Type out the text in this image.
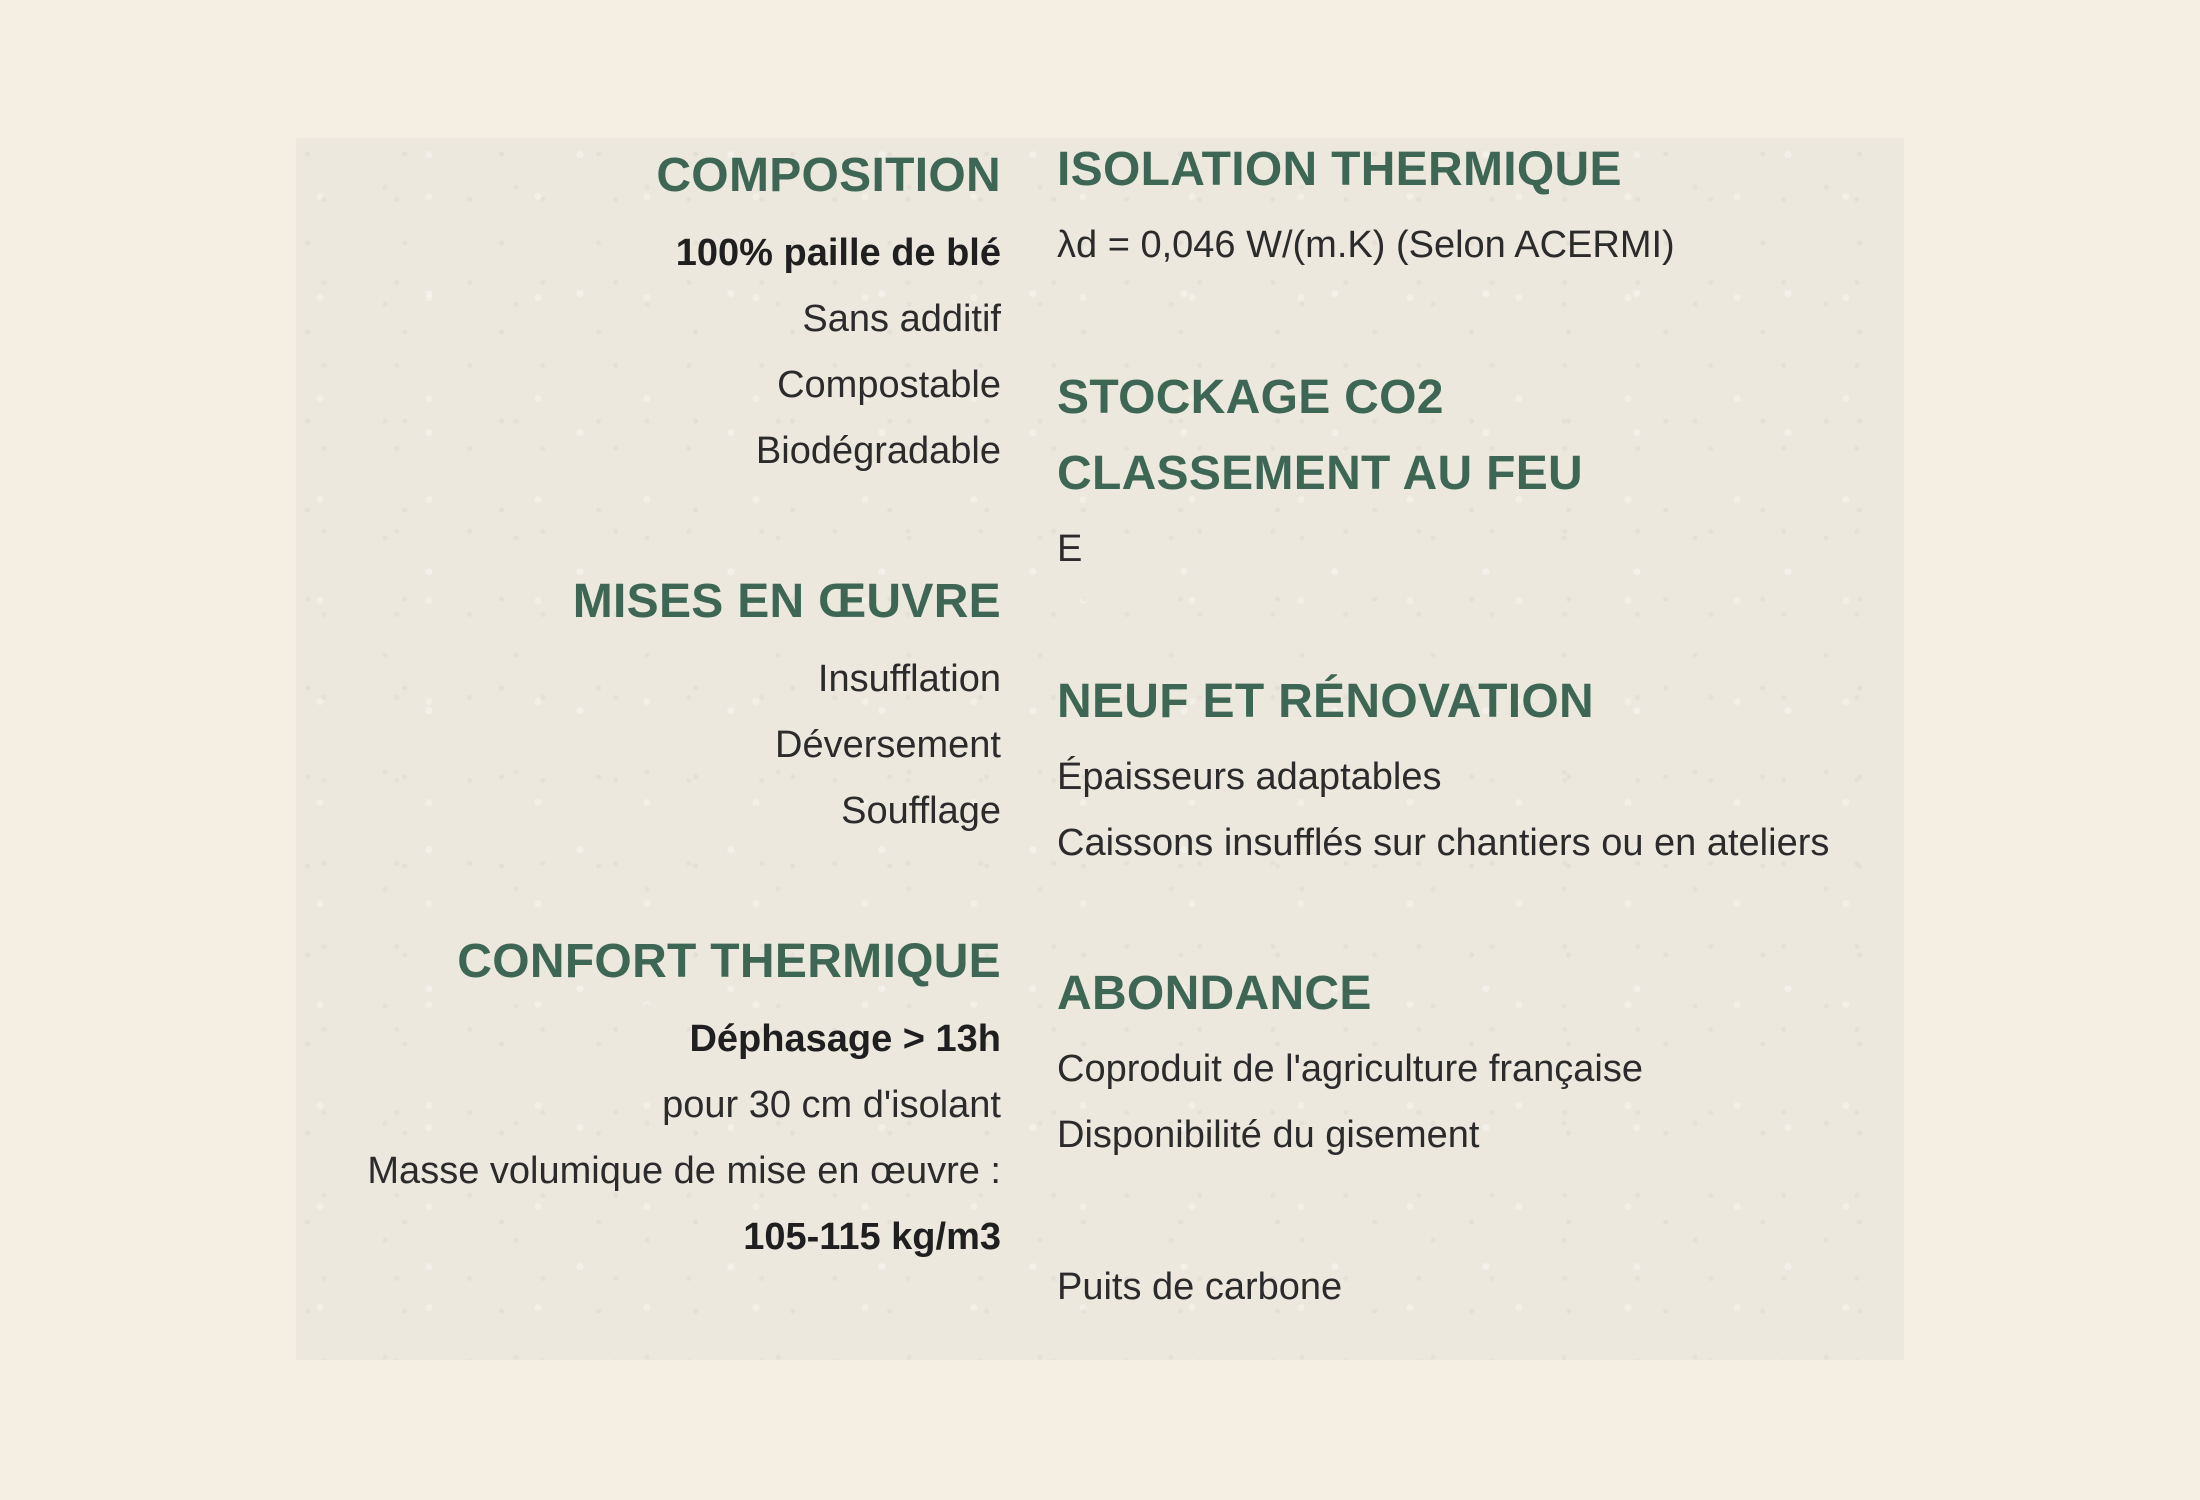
COMPOSITION
100% paille de blé
Sans additif
Compostable
Biodégradable
MISES EN ŒUVRE
Insufflation
Déversement
Soufflage
CONFORT THERMIQUE
Déphasage > 13h
pour 30 cm d'isolant
Masse volumique de mise en œuvre :
105-115 kg/m3
ISOLATION THERMIQUE
λd = 0,046 W/(m.K) (Selon ACERMI)
STOCKAGE CO2
CLASSEMENT AU FEU
E
NEUF ET RÉNOVATION
Épaisseurs adaptables
Caissons insufflés sur chantiers ou en ateliers
ABONDANCE
Coproduit de l'agriculture française
Disponibilité du gisement
Puits de carbone
